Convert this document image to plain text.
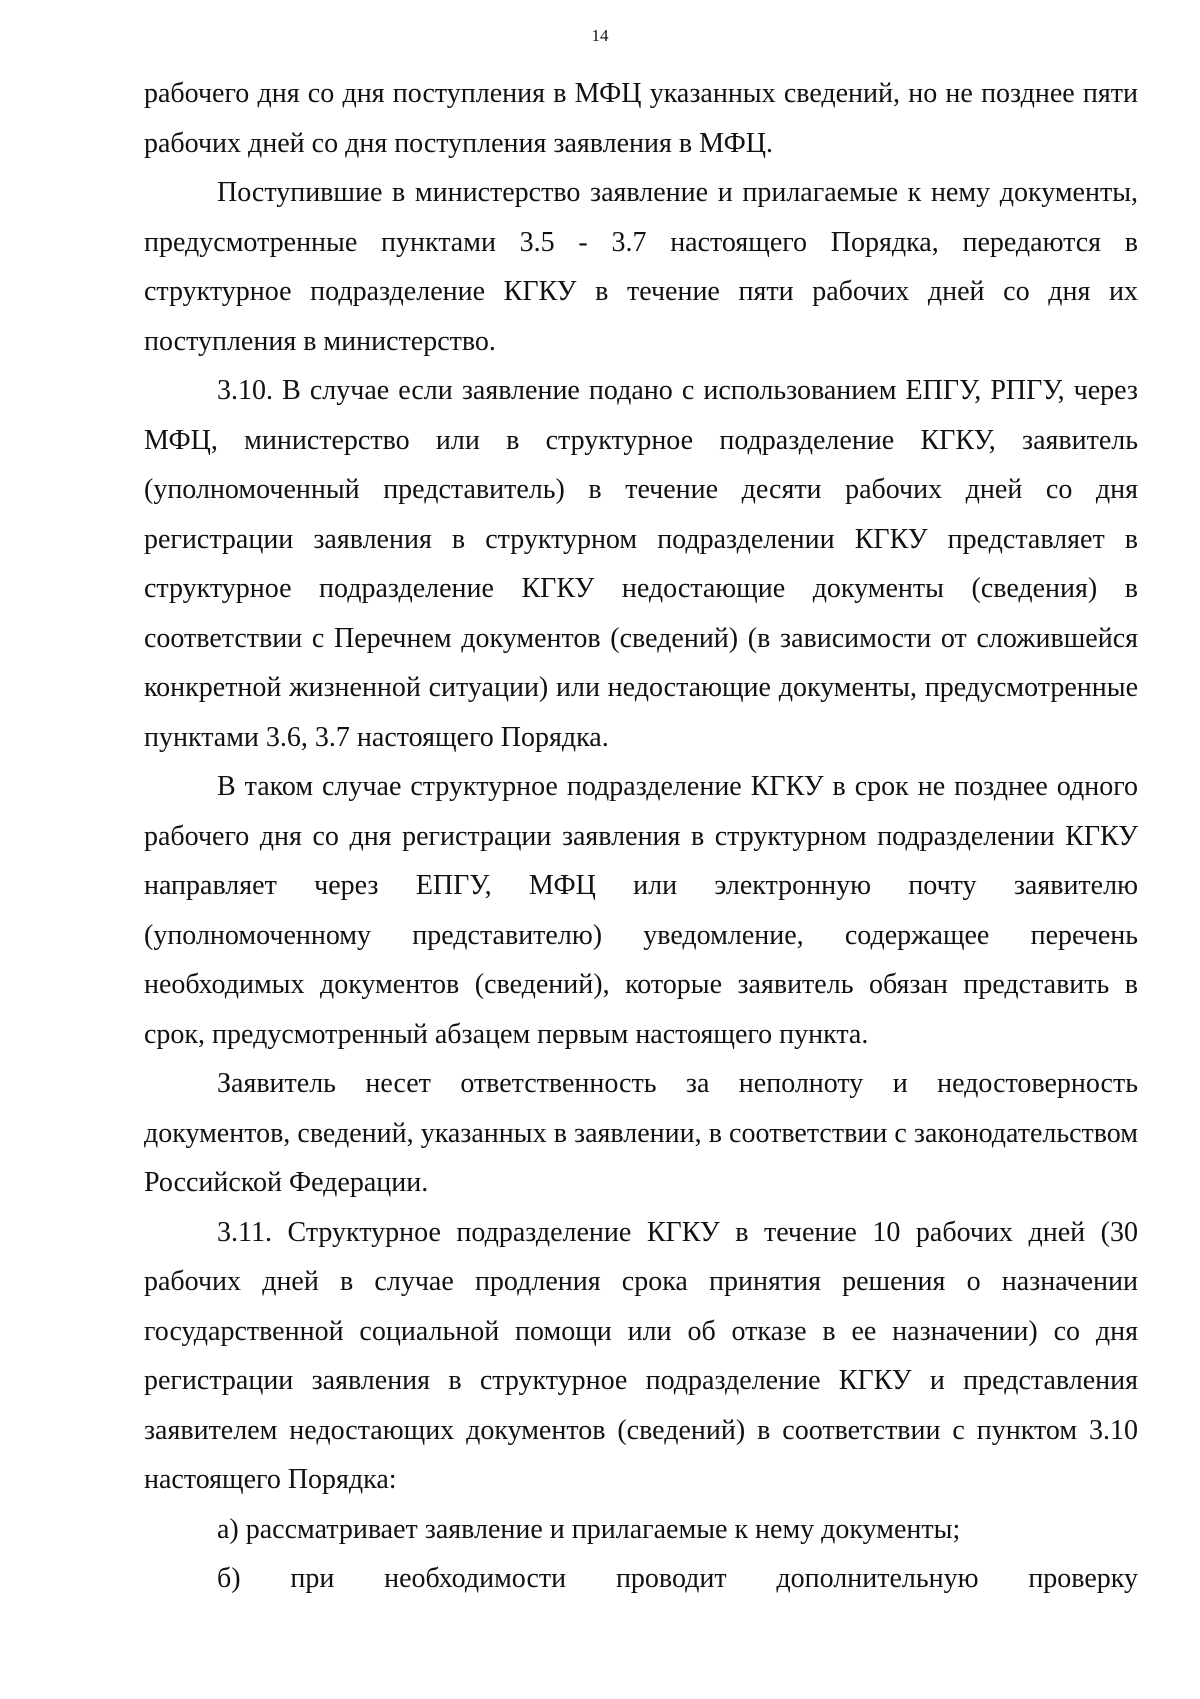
14

рабочего дня со дня поступления в МФЦ указанных сведений, но не позднее пяти рабочих дней со дня поступления заявления в МФЦ.

Поступившие в министерство заявление и прилагаемые к нему документы, предусмотренные пунктами 3.5 - 3.7 настоящего Порядка, передаются в структурное подразделение КГКУ в течение пяти рабочих дней со дня их поступления в министерство.

3.10. В случае если заявление подано с использованием ЕПГУ, РПГУ, через МФЦ, министерство или в структурное подразделение КГКУ, заявитель (уполномоченный представитель) в течение десяти рабочих дней со дня регистрации заявления в структурном подразделении КГКУ представляет в структурное подразделение КГКУ недостающие документы (сведения) в соответствии с Перечнем документов (сведений) (в зависимости от сложившейся конкретной жизненной ситуации) или недостающие документы, предусмотренные пунктами 3.6, 3.7 настоящего Порядка.

В таком случае структурное подразделение КГКУ в срок не позднее одного рабочего дня со дня регистрации заявления в структурном подразделении КГКУ направляет через ЕПГУ, МФЦ или электронную почту заявителю (уполномоченному представителю) уведомление, содержащее перечень необходимых документов (сведений), которые заявитель обязан представить в срок, предусмотренный абзацем первым настоящего пункта.

Заявитель несет ответственность за неполноту и недостоверность документов, сведений, указанных в заявлении, в соответствии с законодательством Российской Федерации.

3.11. Структурное подразделение КГКУ в течение 10 рабочих дней (30 рабочих дней в случае продления срока принятия решения о назначении государственной социальной помощи или об отказе в ее назначении) со дня регистрации заявления в структурное подразделение КГКУ и представления заявителем недостающих документов (сведений) в соответствии с пунктом 3.10 настоящего Порядка:

а) рассматривает заявление и прилагаемые к нему документы;

б) при необходимости проводит дополнительную проверку
